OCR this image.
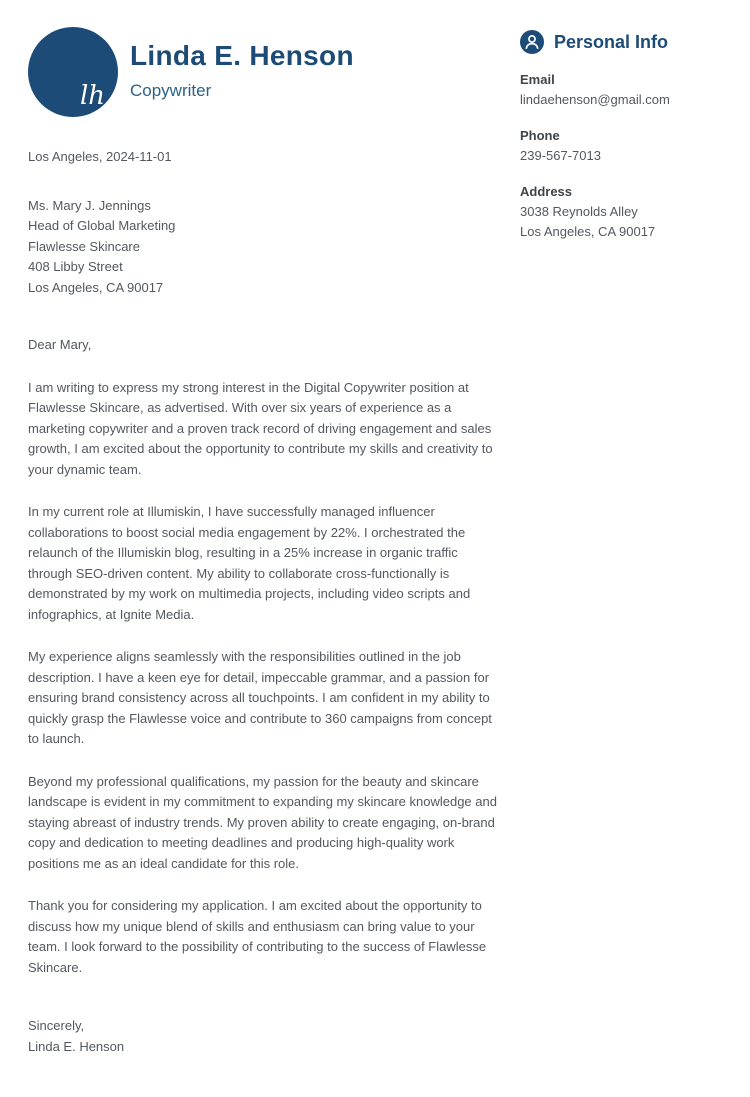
lh
Linda E. Henson
Copywriter
Los Angeles, 2024-11-01
Ms. Mary J. Jennings
Head of Global Marketing
Flawlesse Skincare
408 Libby Street
Los Angeles, CA 90017
Dear Mary,

I am writing to express my strong interest in the Digital Copywriter position at Flawlesse Skincare, as advertised. With over six years of experience as a marketing copywriter and a proven track record of driving engagement and sales growth, I am excited about the opportunity to contribute my skills and creativity to your dynamic team.

In my current role at Illumiskin, I have successfully managed influencer collaborations to boost social media engagement by 22%. I orchestrated the relaunch of the Illumiskin blog, resulting in a 25% increase in organic traffic through SEO-driven content. My ability to collaborate cross-functionally is demonstrated by my work on multimedia projects, including video scripts and infographics, at Ignite Media.

My experience aligns seamlessly with the responsibilities outlined in the job description. I have a keen eye for detail, impeccable grammar, and a passion for ensuring brand consistency across all touchpoints. I am confident in my ability to quickly grasp the Flawlesse voice and contribute to 360 campaigns from concept to launch.

Beyond my professional qualifications, my passion for the beauty and skincare landscape is evident in my commitment to expanding my skincare knowledge and staying abreast of industry trends. My proven ability to create engaging, on-brand copy and dedication to meeting deadlines and producing high-quality work positions me as an ideal candidate for this role.

Thank you for considering my application. I am excited about the opportunity to discuss how my unique blend of skills and enthusiasm can bring value to your team. I look forward to the possibility of contributing to the success of Flawlesse Skincare.

Sincerely,
Linda E. Henson
Personal Info
Email
lindaehenson@gmail.com
Phone
239-567-7013
Address
3038 Reynolds Alley
Los Angeles, CA 90017
